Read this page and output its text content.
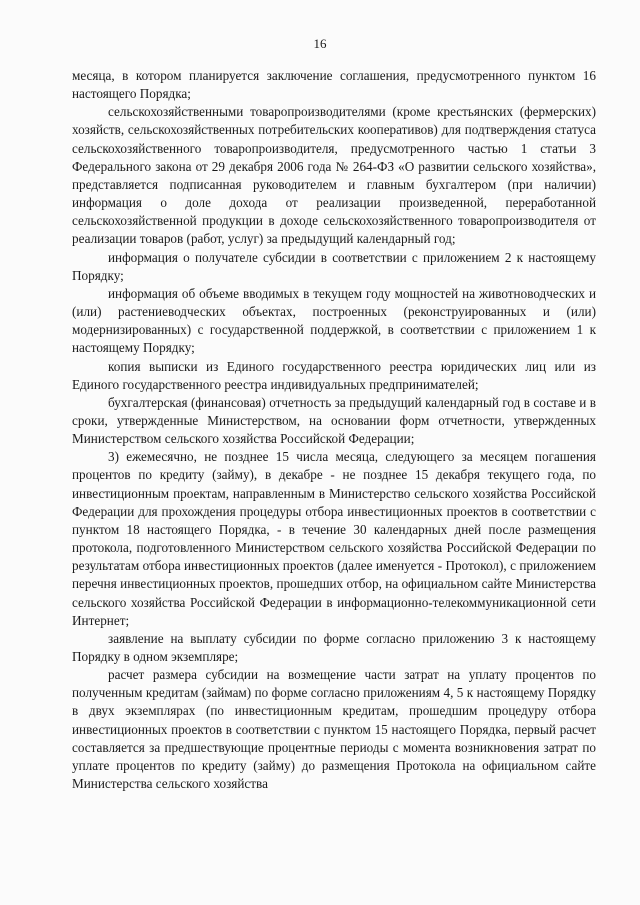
16

месяца, в котором планируется заключение соглашения, предусмотренного пунктом 16 настоящего Порядка;

сельскохозяйственными товаропроизводителями (кроме крестьянских (фермерских) хозяйств, сельскохозяйственных потребительских кооперативов) для подтверждения статуса сельскохозяйственного товаропроизводителя, предусмотренного частью 1 статьи 3 Федерального закона от 29 декабря 2006 года № 264-ФЗ «О развитии сельского хозяйства», представляется подписанная руководителем и главным бухгалтером (при наличии) информация о доле дохода от реализации произведенной, переработанной сельскохозяйственной продукции в доходе сельскохозяйственного товаропроизводителя от реализации товаров (работ, услуг) за предыдущий календарный год;

информация о получателе субсидии в соответствии с приложением 2 к настоящему Порядку;

информация об объеме вводимых в текущем году мощностей на животноводческих и (или) растениеводческих объектах, построенных (реконструированных и (или) модернизированных) с государственной поддержкой, в соответствии с приложением 1 к настоящему Порядку;

копия выписки из Единого государственного реестра юридических лиц или из Единого государственного реестра индивидуальных предпринимателей;

бухгалтерская (финансовая) отчетность за предыдущий календарный год в составе и в сроки, утвержденные Министерством, на основании форм отчетности, утвержденных Министерством сельского хозяйства Российской Федерации;

3) ежемесячно, не позднее 15 числа месяца, следующего за месяцем погашения процентов по кредиту (займу), в декабре - не позднее 15 декабря текущего года, по инвестиционным проектам, направленным в Министерство сельского хозяйства Российской Федерации для прохождения процедуры отбора инвестиционных проектов в соответствии с пунктом 18 настоящего Порядка, - в течение 30 календарных дней после размещения протокола, подготовленного Министерством сельского хозяйства Российской Федерации по результатам отбора инвестиционных проектов (далее именуется - Протокол), с приложением перечня инвестиционных проектов, прошедших отбор, на официальном сайте Министерства сельского хозяйства Российской Федерации в информационно-телекоммуникационной сети Интернет;

заявление на выплату субсидии по форме согласно приложению 3 к настоящему Порядку в одном экземпляре;

расчет размера субсидии на возмещение части затрат на уплату процентов по полученным кредитам (займам) по форме согласно приложениям 4, 5 к настоящему Порядку в двух экземплярах (по инвестиционным кредитам, прошедшим процедуру отбора инвестиционных проектов в соответствии с пунктом 15 настоящего Порядка, первый расчет составляется за предшествующие процентные периоды с момента возникновения затрат по уплате процентов по кредиту (займу) до размещения Протокола на официальном сайте Министерства сельского хозяйства
